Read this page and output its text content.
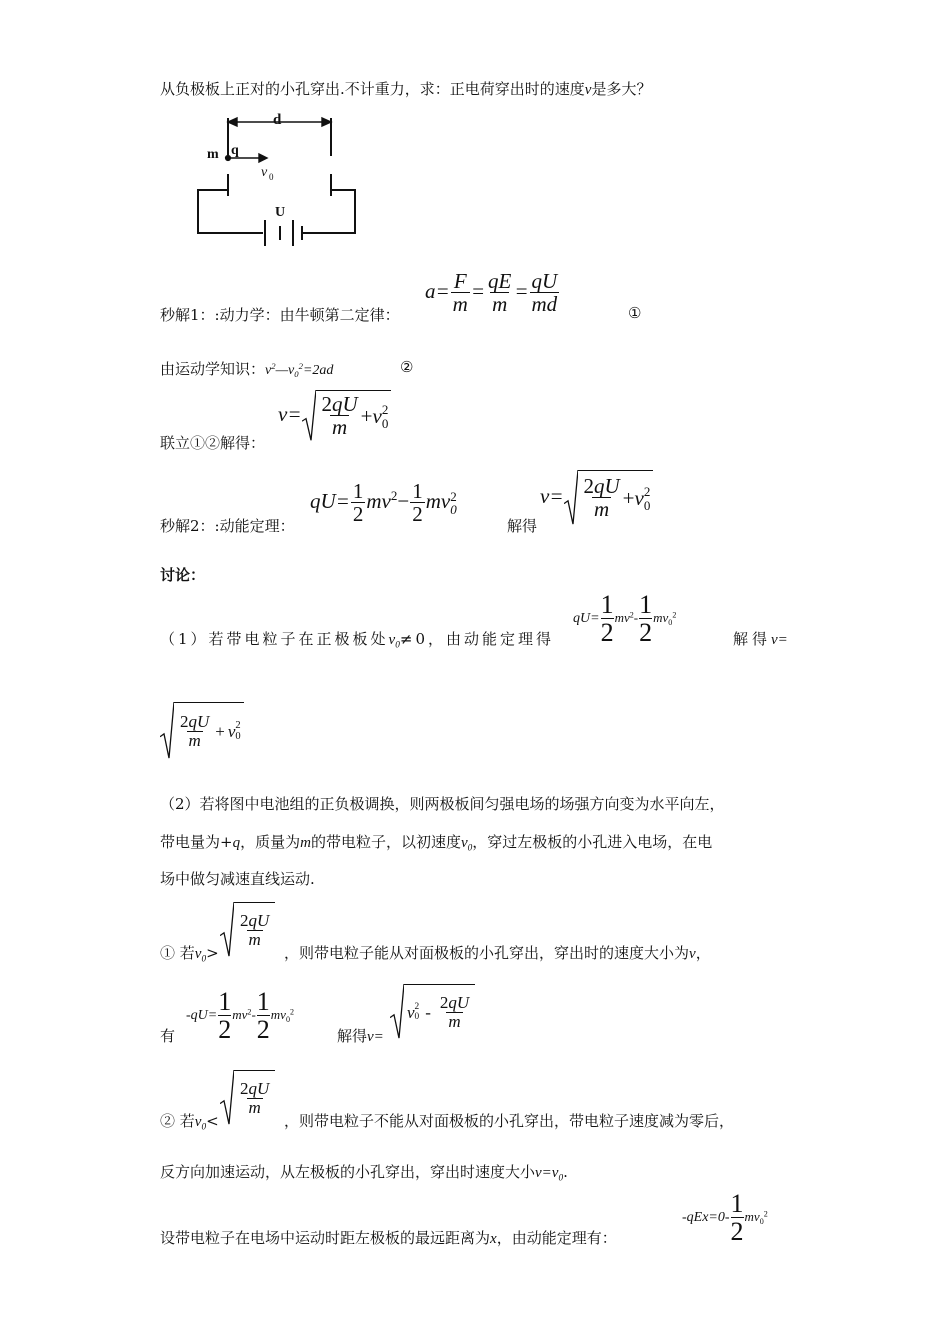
从负极板上正对的小孔穿出.不计重力，求：正电荷穿出时的速度v是多大？
d
m q
v 0
U
秒解1：:动力学：由牛顿第二定律：
$a= \frac{F}{m} = \frac{qE}{m} = \frac{qU}{md}$	①
由运动学知识：$v^2—v_0^2=2ad$	②
联立①②解得：
$v= \frac{2qU}{m} + v$ 2
0
秒解2：:动能定理：
$qU= \frac{1}{2} mv^2- \frac{1}{2}$ mv 2
0
解得
$v= \frac{2qU}{m} + v$ 2
0
讨论：
（1）若带电粒子在正极板处$v_0\ne 0$，由动能定理得
$qU= \frac{1}{2} mv^2- \frac{1}{2} mv_0^2$
解得v=
$\frac{2qU}{m} + v$ 2
0
（2）若将图中电池组的正负极调换，则两极板间匀强电场的场强方向变为水平向左，
带电量为+q，质量为m的带电粒子，以初速度$v_0$，穿过左极板的小孔进入电场，在电
场中做匀减速直线运动.
① 若$v_0>$
$\frac{2qU}{m}$
，则带电粒子能从对面极板的小孔穿出，穿出时的速度大小为v，
有
$-qU= \frac{1}{2} mv^2- \frac{1}{2} mv_0^2$
解得v=
v 2
$0 - \frac{2qU}{m}$
② 若$v_0<$
$\frac{2qU}{m}$
，则带电粒子不能从对面极板的小孔穿出，带电粒子速度减为零后，
反方向加速运动，从左极板的小孔穿出，穿出时速度大小$v=v_0$.
设带电粒子在电场中运动时距左极板的最远距离为x，由动能定理有：
$-qEx=0- \frac{1}{2} mv_0^2$
